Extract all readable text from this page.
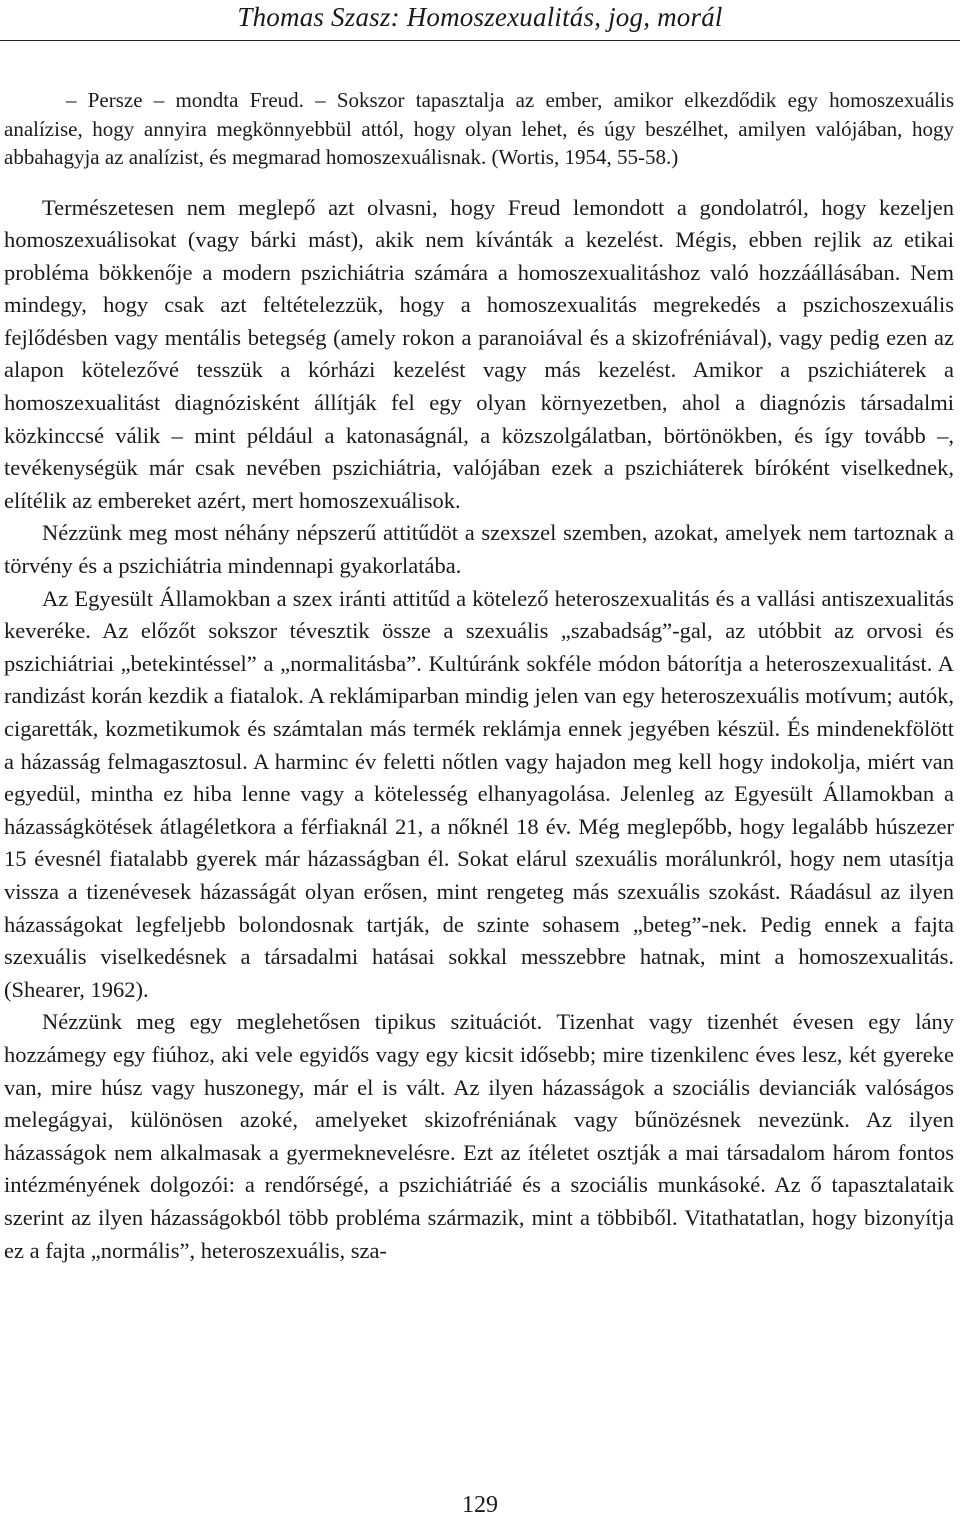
Thomas Szasz: Homoszexualitás, jog, morál

– Persze – mondta Freud. – Sokszor tapasztalja az ember, amikor elkezdődik egy homoszexuális analízise, hogy annyira megkönnyebbül attól, hogy olyan lehet, és úgy beszélhet, amilyen valójában, hogy abbahagyja az analízist, és megmarad homoszexuálisnak. (Wortis, 1954, 55-58.)

Természetesen nem meglepő azt olvasni, hogy Freud lemondott a gondolatról, hogy kezeljen homoszexuálisokat (vagy bárki mást), akik nem kívánták a kezelést. Mégis, ebben rejlik az etikai probléma bökkenője a modern pszichiátria számára a homoszexualitáshoz való hozzáállásában. Nem mindegy, hogy csak azt feltételezzük, hogy a homoszexualitás megrekedés a pszichoszexuális fejlődésben vagy mentális betegség (amely rokon a paranoiával és a skizofréniával), vagy pedig ezen az alapon kötelezővé tesszük a kórházi kezelést vagy más kezelést. Amikor a pszichiáterek a homoszexualitást diagnózisként állítják fel egy olyan környezetben, ahol a diagnózis társadalmi közkinccsé válik – mint például a katonaságnál, a közszolgálatban, börtönökben, és így tovább –, tevékenységük már csak nevében pszichiátria, valójában ezek a pszichiáterek bíróként viselkednek, elítélik az embereket azért, mert homoszexuálisok.

Nézzünk meg most néhány népszerű attitűdöt a szexszel szemben, azokat, amelyek nem tartoznak a törvény és a pszichiátria mindennapi gyakorlatába.

Az Egyesült Államokban a szex iránti attitűd a kötelező heteroszexualitás és a vallási antiszexualitás keveréke. Az előzőt sokszor tévesztik össze a szexuális „szabadság”-gal, az utóbbit az orvosi és pszichiátriai „betekintéssel” a „normalitásba”. Kultúránk sokféle módon bátorítja a heteroszexualitást. A randizást korán kezdik a fiatalok. A reklámiparban mindig jelen van egy heteroszexuális motívum; autók, cigaretták, kozmetikumok és számtalan más termék reklámja ennek jegyében készül. És mindenekfölött a házasság felmagasztosul. A harminc év feletti nőtlen vagy hajadon meg kell hogy indokolja, miért van egyedül, mintha ez hiba lenne vagy a kötelesség elhanyagolása. Jelenleg az Egyesült Államokban a házasságkötések átlagéletkora a férfiaknál 21, a nőknél 18 év. Még meglepőbb, hogy legalább húszezer 15 évesnél fiatalabb gyerek már házasságban él. Sokat elárul szexuális morálunkról, hogy nem utasítja vissza a tizenévesek házasságát olyan erősen, mint rengeteg más szexuális szokást. Ráadásul az ilyen házasságokat legfeljebb bolondosnak tartják, de szinte sohasem „beteg”-nek. Pedig ennek a fajta szexuális viselkedésnek a társadalmi hatásai sokkal messzebbre hatnak, mint a homoszexualitás. (Shearer, 1962).

Nézzünk meg egy meglehetősen tipikus szituációt. Tizenhat vagy tizenhét évesen egy lány hozzámegy egy fiúhoz, aki vele egyidős vagy egy kicsit idősebb; mire tizenkilenc éves lesz, két gyereke van, mire húsz vagy huszonegy, már el is vált. Az ilyen házasságok a szociális devianciák valóságos melegágyai, különösen azoké, amelyeket skizofréniának vagy bűnözésnek nevezünk. Az ilyen házasságok nem alkalmasak a gyermeknevelésre. Ezt az ítéletet osztják a mai társadalom három fontos intézményének dolgozói: a rendőrségé, a pszichiátriáé és a szociális munkásoké. Az ő tapasztalataik szerint az ilyen házasságokból több probléma származik, mint a többiből. Vitathatatlan, hogy bizonyítja ez a fajta „normális”, heteroszexuális, sza-

129
